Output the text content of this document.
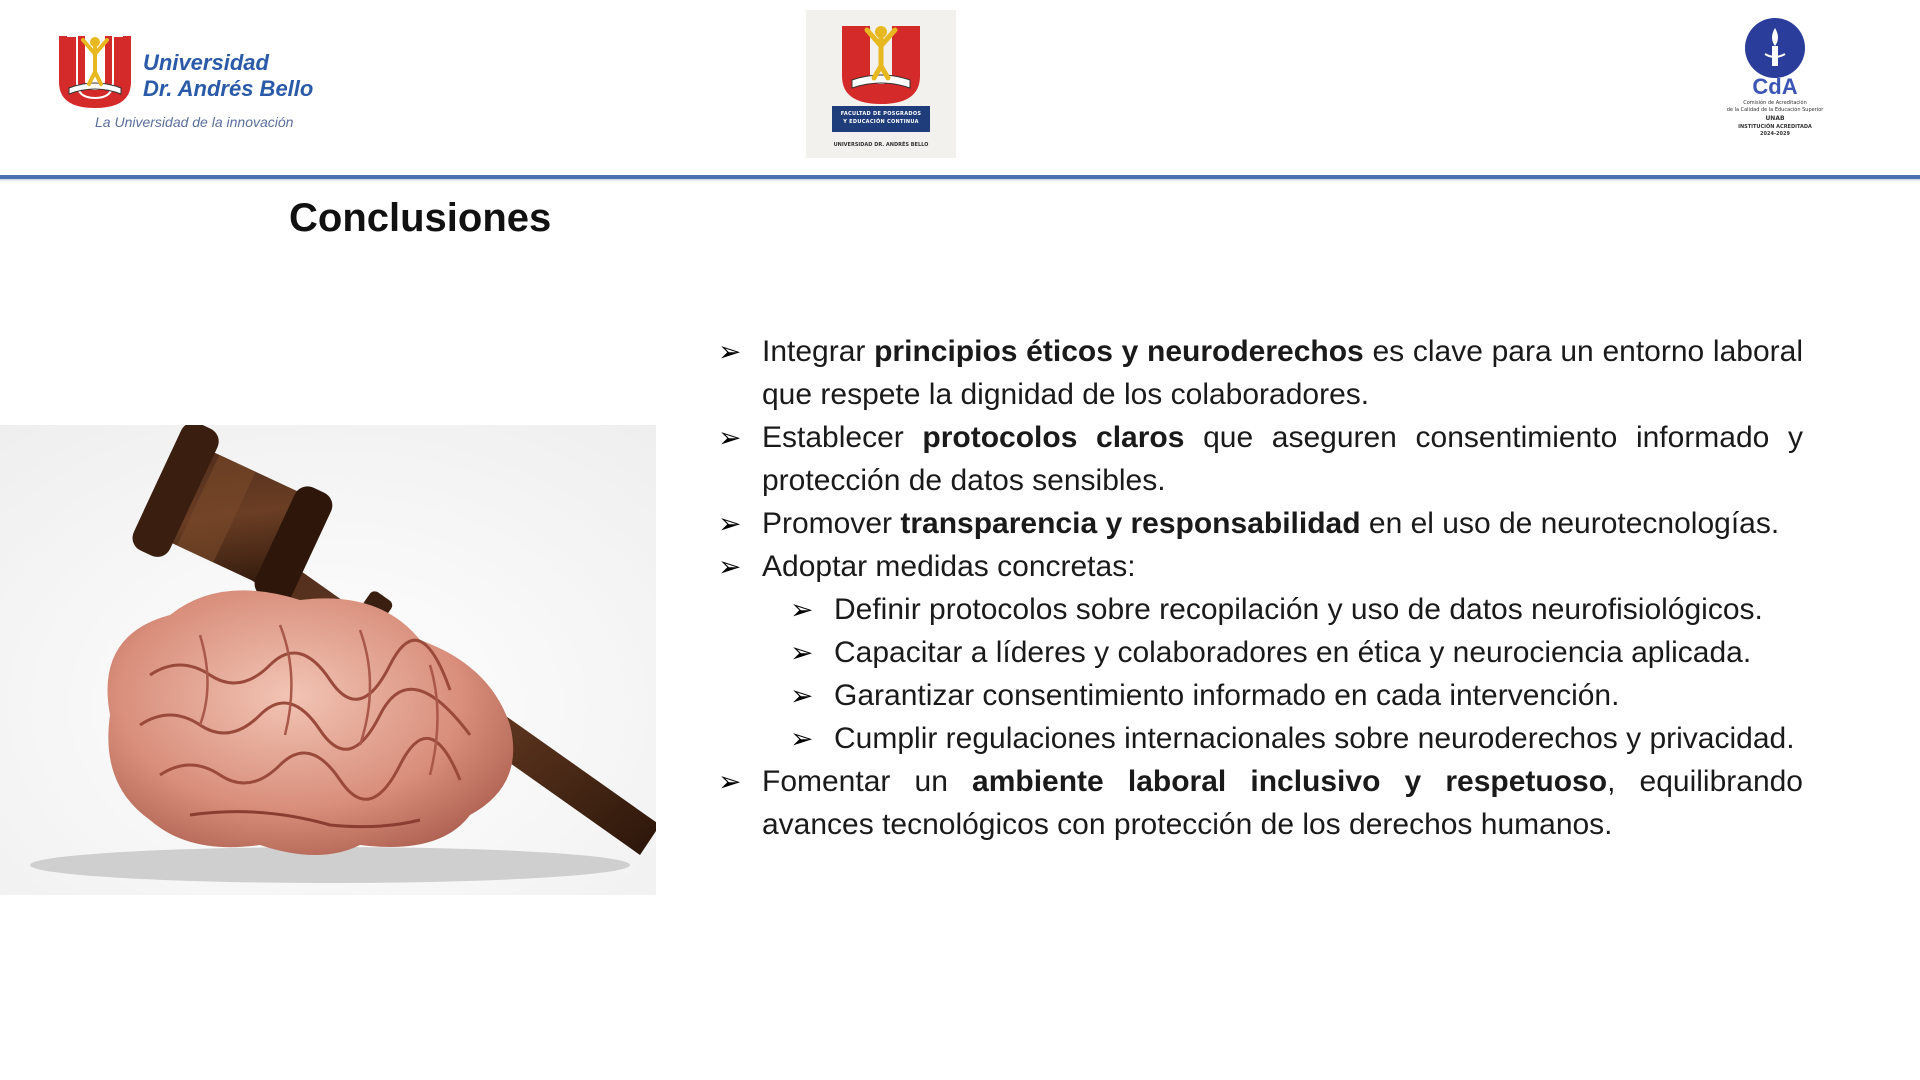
Universidad
Dr. Andrés Bello
La Universidad de la innovación	FACULTAD DE POSGRADOS
Y EDUCACIÓN CONTINUA
UNIVERSIDAD DR. ANDRÉS BELLO
CdA
Comisión de Acreditación
de la Calidad de la Educación Superior
UNAB
INSTITUCIÓN ACREDITADA
2024-2029
Conclusiones
➢ Integrar principios éticos y neuroderechos es clave para un entorno laboral que respete la dignidad de los colaboradores.
➢ Establecer protocolos claros que aseguren consentimiento informado y protección de datos sensibles.
➢ Promover transparencia y responsabilidad en el uso de neurotecnologías.
➢ Adoptar medidas concretas:
➢ Definir protocolos sobre recopilación y uso de datos neurofisiológicos.
➢ Capacitar a líderes y colaboradores en ética y neurociencia aplicada.
➢ Garantizar consentimiento informado en cada intervención.
➢ Cumplir regulaciones internacionales sobre neuroderechos y privacidad.
➢ Fomentar un ambiente laboral inclusivo y respetuoso, equilibrando avances tecnológicos con protección de los derechos humanos.
